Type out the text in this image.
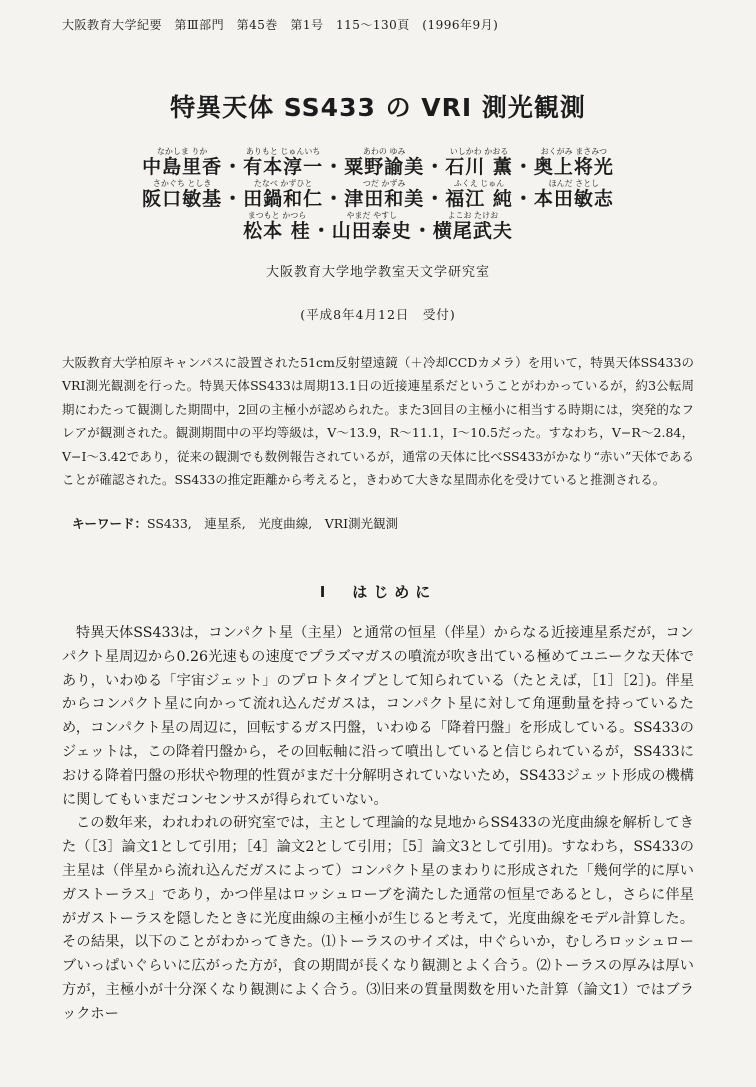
大阪教育大学紀要　第Ⅲ部門　第45巻　第1号　115〜130頁　(1996年9月)
特異天体 SS433 の VRI 測光観測
中島里香なかしま りか
・ 有本淳一ありもと じゅんいち
・ 粟野諭美あわの ゆみ
・ 石川 薫いしかわ かおる
・ 奥上将光おくがみ まさみつ
阪口敏基さかぐち としき
・ 田鍋和仁たなべ かずひと
・ 津田和美つだ かずみ
・ 福江 純ふくえ じゅん
・ 本田敏志ほんだ さとし
松本 桂まつもと かつら
・ 山田泰史やまだ やすし
・ 横尾武夫よこお たけお
大阪教育大学地学教室天文学研究室
(平成8年4月12日　受付)

大阪教育大学柏原キャンパスに設置された51cm反射望遠鏡（＋冷却CCDカメラ）を用いて，特異天体SS433のVRI測光観測を行った。特異天体SS433は周期13.1日の近接連星系だということがわかっているが，約3公転周期にわたって観測した期間中，2回の主極小が認められた。また3回目の主極小に相当する時期には，突発的なフレアが観測された。観測期間中の平均等級は，V〜13.9，R〜11.1，I〜10.5だった。すなわち，V−R〜2.84，V−I〜3.42であり，従来の観測でも数例報告されているが，通常の天体に比べSS433がかなり“赤い”天体であることが確認された。SS433の推定距離から考えると，きわめて大きな星間赤化を受けていると推測される。

キーワード：SS433,　連星系,　光度曲線,　VRI測光観測
Ⅰ　はじめに

特異天体SS433は，コンパクト星（主星）と通常の恒星（伴星）からなる近接連星系だが，コンパクト星周辺から0.26光速もの速度でプラズマガスの噴流が吹き出ている極めてユニークな天体であり，いわゆる「宇宙ジェット」のプロトタイプとして知られている（たとえば，［1］［2］)。伴星からコンパクト星に向かって流れ込んだガスは，コンパクト星に対して角運動量を持っているため，コンパクト星の周辺に，回転するガス円盤，いわゆる「降着円盤」を形成している。SS433のジェットは，この降着円盤から，その回転軸に沿って噴出していると信じられているが，SS433における降着円盤の形状や物理的性質がまだ十分解明されていないため，SS433ジェット形成の機構に関してもいまだコンセンサスが得られていない。

この数年来，われわれの研究室では，主として理論的な見地からSS433の光度曲線を解析してきた（［3］論文1として引用；［4］論文2として引用；［5］論文3として引用)。すなわち，SS433の主星は（伴星から流れ込んだガスによって）コンパクト星のまわりに形成された「幾何学的に厚いガストーラス」であり，かつ伴星はロッシュローブを満たした通常の恒星であるとし，さらに伴星がガストーラスを隠したときに光度曲線の主極小が生じると考えて，光度曲線をモデル計算した。その結果，以下のことがわかってきた。⑴トーラスのサイズは，中ぐらいか，むしろロッシュローブいっぱいぐらいに広がった方が，食の期間が長くなり観測とよく合う。⑵トーラスの厚みは厚い方が，主極小が十分深くなり観測によく合う。⑶旧来の質量関数を用いた計算（論文1）ではブラックホー
